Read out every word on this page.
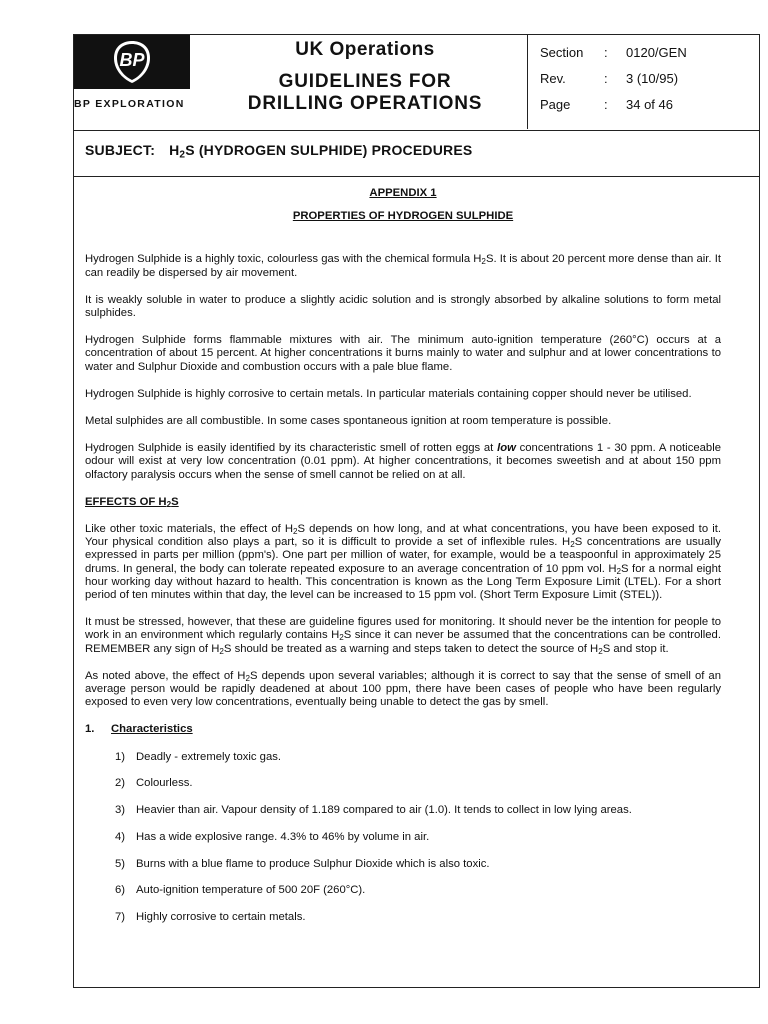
BP
BP EXPLORATION
UK Operations
GUIDELINES FOR
DRILLING OPERATIONS
Section	:	0120/GEN
Rev.	:	3 (10/95)
Page	:	34 of 46
SUBJECT: $H_2S$ (HYDROGEN SULPHIDE) PROCEDURES
APPENDIX 1
PROPERTIES OF HYDROGEN SULPHIDE

Hydrogen Sulphide is a highly toxic, colourless gas with the chemical formula $H_2S$. It is about 20 percent more dense than air. It can readily be dispersed by air movement.

It is weakly soluble in water to produce a slightly acidic solution and is strongly absorbed by alkaline solutions to form metal sulphides.

Hydrogen Sulphide forms flammable mixtures with air. The minimum auto-ignition temperature (260°C) occurs at a concentration of about 15 percent. At higher concentrations it burns mainly to water and sulphur and at lower concentrations to water and Sulphur Dioxide and combustion occurs with a pale blue flame.

Hydrogen Sulphide is highly corrosive to certain metals. In particular materials containing copper should never be utilised.

Metal sulphides are all combustible. In some cases spontaneous ignition at room temperature is possible.

Hydrogen Sulphide is easily identified by its characteristic smell of rotten eggs at low concentrations 1 - 30 ppm. A noticeable odour will exist at very low concentration (0.01 ppm). At higher concentrations, it becomes sweetish and at about 150 ppm olfactory paralysis occurs when the sense of smell cannot be relied on at all.

EFFECTS OF $H_2S$

Like other toxic materials, the effect of $H_2S$ depends on how long, and at what concentrations, you have been exposed to it. Your physical condition also plays a part, so it is difficult to provide a set of inflexible rules. $H_2S$ concentrations are usually expressed in parts per million (ppm's). One part per million of water, for example, would be a teaspoonful in approximately 25 drums. In general, the body can tolerate repeated exposure to an average concentration of 10 ppm vol. $H_2S$ for a normal eight hour working day without hazard to health. This concentration is known as the Long Term Exposure Limit (LTEL). For a short period of ten minutes within that day, the level can be increased to 15 ppm vol. (Short Term Exposure Limit (STEL)).

It must be stressed, however, that these are guideline figures used for monitoring. It should never be the intention for people to work in an environment which regularly contains $H_2S$ since it can never be assumed that the concentrations can be controlled. REMEMBER any sign of $H_2S$ should be treated as a warning and steps taken to detect the source of $H_2S$ and stop it.

As noted above, the effect of $H_2S$ depends upon several variables; although it is correct to say that the sense of smell of an average person would be rapidly deadened at about 100 ppm, there have been cases of people who have been regularly exposed to even very low concentrations, eventually being unable to detect the gas by smell.

1. Characteristics
1) Deadly - extremely toxic gas.
2) Colourless.
3) Heavier than air. Vapour density of 1.189 compared to air (1.0). It tends to collect in low lying areas.
4) Has a wide explosive range. 4.3% to 46% by volume in air.
5) Burns with a blue flame to produce Sulphur Dioxide which is also toxic.
6) Auto-ignition temperature of 500 20F (260°C).
7) Highly corrosive to certain metals.
